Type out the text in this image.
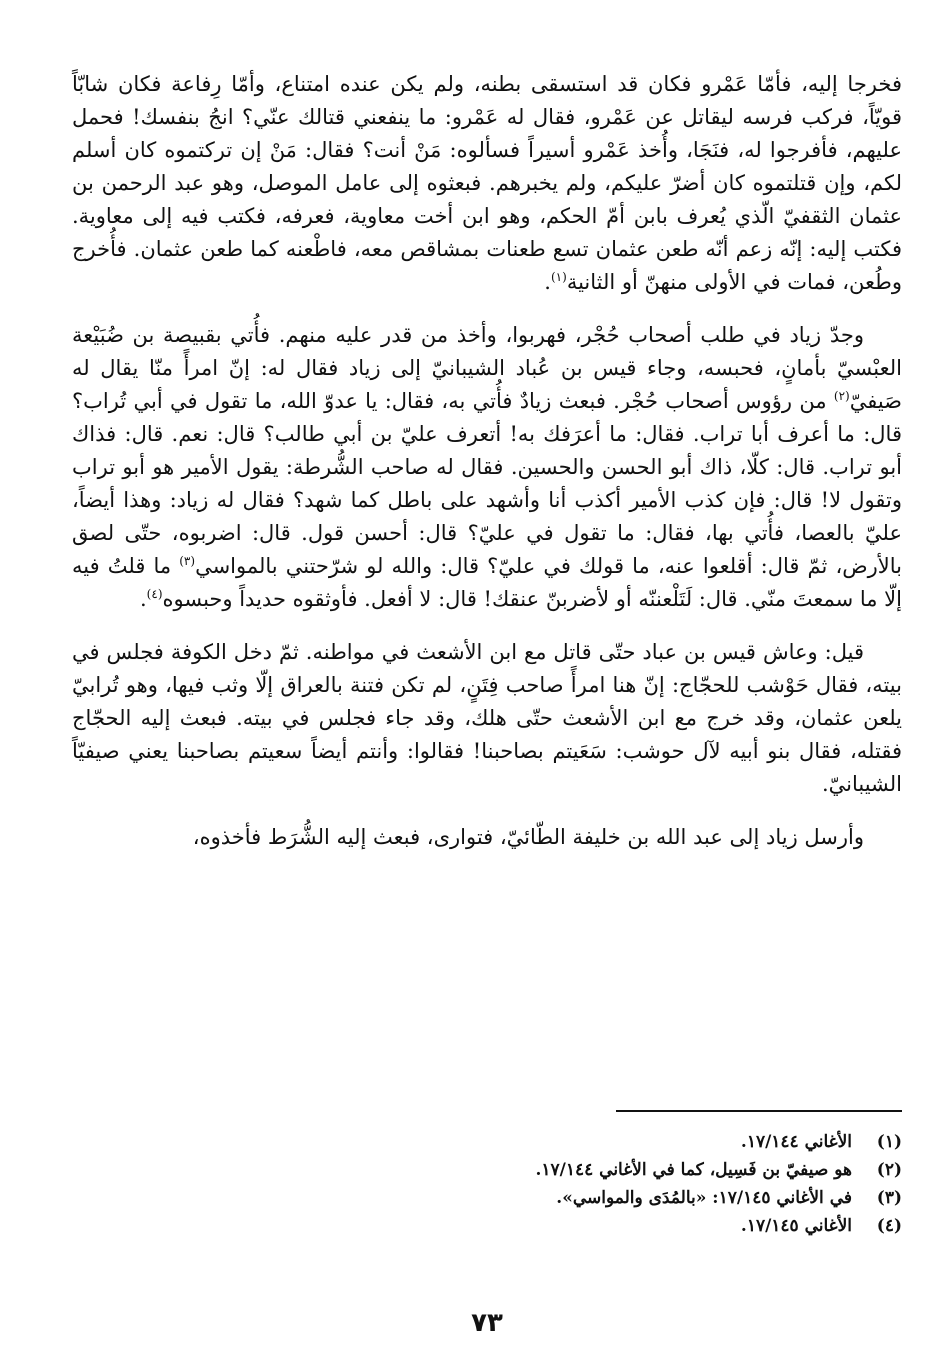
فخرجا إليه، فأمّا عَمْرو فكان قد استسقى بطنه، ولم يكن عنده امتناع، وأمّا رِفاعة فكان شابّاً قويّاً، فركب فرسه ليقاتل عن عَمْرو، فقال له عَمْرو: ما ينفعني قتالك عنّي؟ انجُ بنفسك! فحمل عليهم، فأفرجوا له، فنَجَا، وأُخذ عَمْرو أسيراً فسألوه: مَنْ أنت؟ فقال: مَنْ إن تركتموه كان أسلم لكم، وإن قتلتموه كان أضرّ عليكم، ولم يخبرهم. فبعثوه إلى عامل الموصل، وهو عبد الرحمن بن عثمان الثقفيّ الّذي يُعرف بابن أمّ الحكم، وهو ابن أخت معاوية، فعرفه، فكتب فيه إلى معاوية. فكتب إليه: إنّه زعم أنّه طعن عثمان تسع طعنات بمشاقص معه، فاطْعنه كما طعن عثمان. فأُخرج وطُعن، فمات في الأولى منهنّ أو الثانية$^{(١)}$.

وجدّ زياد في طلب أصحاب حُجْر، فهربوا، وأخذ من قدر عليه منهم. فأُتي بقبيصة بن ضُبَيْعة العبْسيّ بأمانٍ، فحبسه، وجاء قيس بن عُباد الشيبانيّ إلى زياد فقال له: إنّ امرأً منّا يقال له صَيفيّ$^{(٢)}$ من رؤوس أصحاب حُجْر. فبعث زيادٌ فأُتي به، فقال: يا عدوّ الله، ما تقول في أبي تُراب؟ قال: ما أعرف أبا تراب. فقال: ما أعرَفك به! أتعرف عليّ بن أبي طالب؟ قال: نعم. قال: فذاك أبو تراب. قال: كلّا، ذاك أبو الحسن والحسين. فقال له صاحب الشُّرطة: يقول الأمير هو أبو تراب وتقول لا! قال: فإن كذب الأمير أكذب أنا وأشهد على باطل كما شهد؟ فقال له زياد: وهذا أيضاً، عليّ بالعصا، فأُتي بها، فقال: ما تقول في عليّ؟ قال: أحسن قول. قال: اضربوه، حتّى لصق بالأرض، ثمّ قال: أقلعوا عنه، ما قولك في عليّ؟ قال: والله لو شرّحتني بالمواسي$^{(٣)}$ ما قلتُ فيه إلّا ما سمعتَ منّي. قال: لَتَلْعننّه أو لأضربنّ عنقك! قال: لا أفعل. فأوثقوه حديداً وحبسوه$^{(٤)}$.

قيل: وعاش قيس بن عباد حتّى قاتل مع ابن الأشعث في مواطنه. ثمّ دخل الكوفة فجلس في بيته، فقال حَوْشب للحجّاج: إنّ هنا امرأً صاحب فِتَنٍ، لم تكن فتنة بالعراق إلّا وثب فيها، وهو تُرابيّ يلعن عثمان، وقد خرج مع ابن الأشعث حتّى هلك، وقد جاء فجلس في بيته. فبعث إليه الحجّاج فقتله، فقال بنو أبيه لآل حوشب: سَعَيتم بصاحبنا! فقالوا: وأنتم أيضاً سعيتم بصاحبنا يعني صيفيّاً الشيبانيّ.

وأرسل زياد إلى عبد الله بن خليفة الطّائيّ، فتوارى، فبعث إليه الشُّرَط فأخذوه،

(١)
الأغاني ١٧/١٤٤.
(٢)
هو صيفيّ بن فَسِيل، كما في الأغاني ١٧/١٤٤.
(٣)
في الأغاني ١٧/١٤٥: «بالمُدَى والمواسي».
(٤)
الأغاني ١٧/١٤٥.
٧٣
